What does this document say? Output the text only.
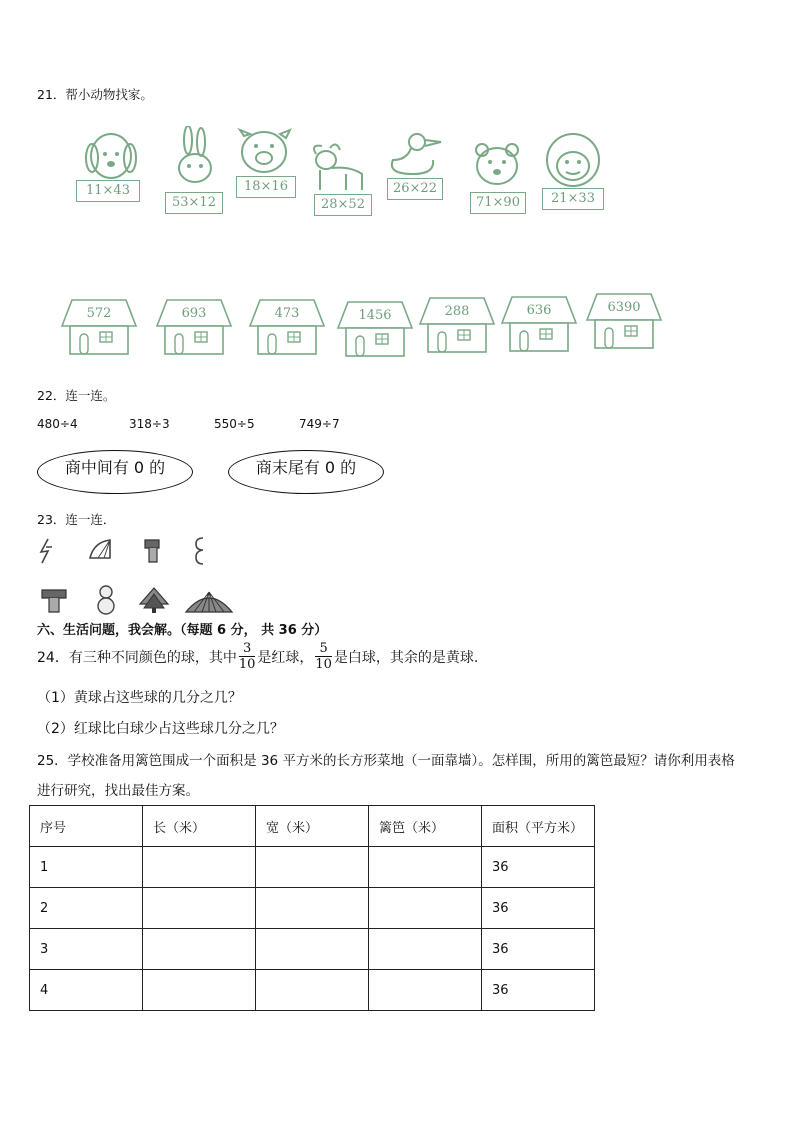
21．帮小动物找家。
11×43
53×12
18×16
28×52
26×22
71×90	21×33
572	693	473	1456	288	636	6390
22．连一连。
480÷4	318÷3	550÷5	749÷7
商中间有 0 的	商末尾有 0 的
23．连一连．
六、生活问题，我会解。（每题 6 分， 共 36 分）
24．有三种不同颜色的球，其中 $\frac{3}{10}$ 是红球， $\frac{5}{10}$ 是白球，其余的是黄球.
（1）黄球占这些球的几分之几？
（2）红球比白球少占这些球几分之几？
25．学校准备用篱笆围成一个面积是 36 平方米的长方形菜地（一面靠墙）。怎样围，所用的篱笆最短？请你利用表格
进行研究，找出最佳方案。
序号	长（米）	宽（米）	篱笆（米）	面积（平方米）
1				36
2				36
3				36
4				36
